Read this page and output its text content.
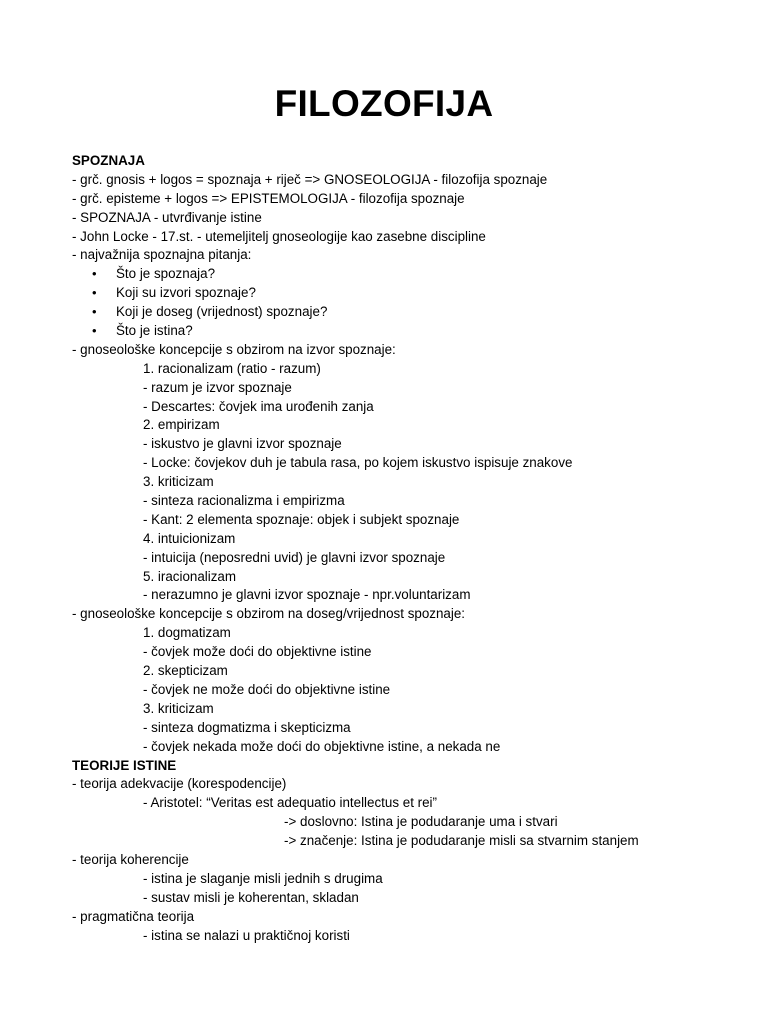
FILOZOFIJA
SPOZNAJA
- grč. gnosis + logos = spoznaja + riječ => GNOSEOLOGIJA - filozofija spoznaje
- grč. episteme + logos => EPISTEMOLOGIJA - filozofija spoznaje
- SPOZNAJA - utvrđivanje istine
- John Locke - 17.st. - utemeljitelj gnoseologije kao zasebne discipline
- najvažnija spoznajna pitanja:
•	Što je spoznaja?
•	Koji su izvori spoznaje?
•	Koji je doseg (vrijednost) spoznaje?
•	Što je istina?
- gnoseološke koncepcije s obzirom na izvor spoznaje:
1. racionalizam (ratio - razum)
- razum je izvor spoznaje
- Descartes: čovjek ima urođenih zanja
2. empirizam
- iskustvo je glavni izvor spoznaje
- Locke: čovjekov duh je tabula rasa, po kojem iskustvo ispisuje znakove
3. kriticizam
- sinteza racionalizma i empirizma
- Kant: 2 elementa spoznaje: objek i subjekt spoznaje
4. intuicionizam
- intuicija (neposredni uvid) je glavni izvor spoznaje
5. iracionalizam
- nerazumno je glavni izvor spoznaje - npr.voluntarizam
- gnoseološke koncepcije s obzirom na doseg/vrijednost spoznaje:
1. dogmatizam
- čovjek može doći do objektivne istine
2. skepticizam
- čovjek ne može doći do objektivne istine
3. kriticizam
- sinteza dogmatizma i skepticizma
- čovjek nekada može doći do objektivne istine, a nekada ne
TEORIJE ISTINE
- teorija adekvacije (korespodencije)
- Aristotel: “Veritas est adequatio intellectus et rei”
-> doslovno: Istina je podudaranje uma i stvari
-> značenje: Istina je podudaranje misli sa stvarnim stanjem
- teorija koherencije
- istina je slaganje misli jednih s drugima
- sustav misli je koherentan, skladan
- pragmatična teorija
- istina se nalazi u praktičnoj koristi
